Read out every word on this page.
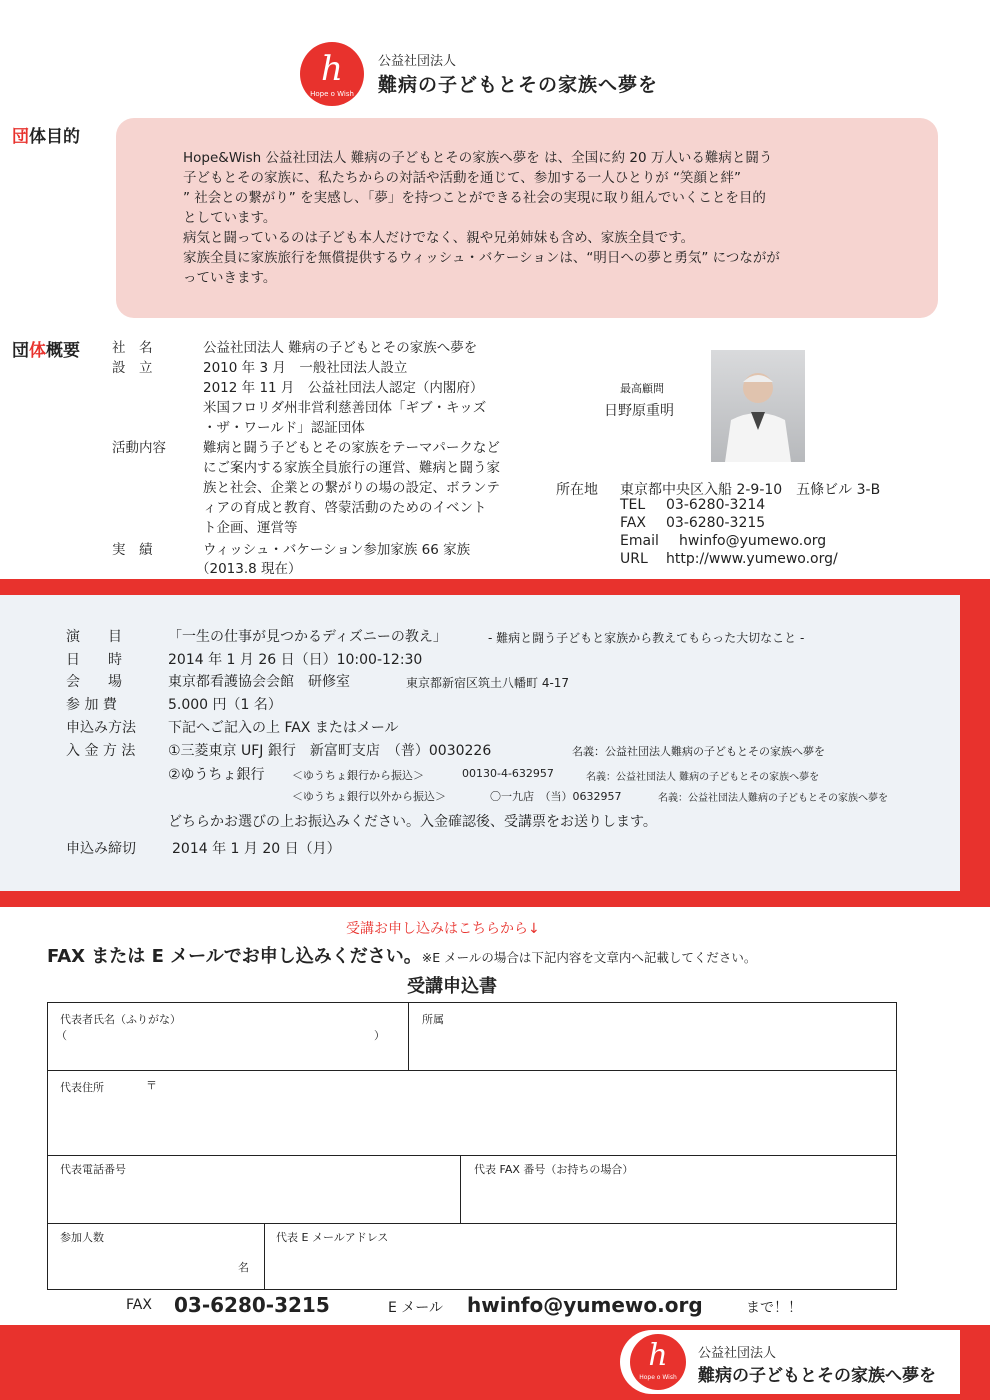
h
Hope o Wish
公益社団法人
難病の子どもとその家族へ夢を
団体目的

Hope&Wish 公益社団法人 難病の子どもとその家族へ夢を は、全国に約 20 万人いる難病と闘う

子どもとその家族に、私たちからの対話や活動を通じて、参加する一人ひとりが “笑顔と絆”

” 社会との繋がり” を実感し、「夢」を持つことができる社会の実現に取り組んでいくことを目的

としています。

病気と闘っているのは子ども本人だけでなく、親や兄弟姉妹も含め、家族全員です。

家族全員に家族旅行を無償提供するウィッシュ・バケーションは、“明日への夢と勇気” につながが

っていきます。

団体概要 社　名	公益社団法人 難病の子どもとその家族へ夢を
設　立	2010 年 3 月　一般社団法人設立
2012 年 11 月　公益社団法人認定（内閣府）
米国フロリダ州非営利慈善団体「ギブ・キッズ
・ザ・ワールド」認証団体
活動内容	難病と闘う子どもとその家族をテーマパークなど
にご案内する家族全員旅行の運営、難病と闘う家
族と社会、企業との繋がりの場の設定、ボランテ
ィアの育成と教育、啓蒙活動のためのイベント
ト企画、運営等
実　績	ウィッシュ・バケーション参加家族 66 家族
（2013.8 現在）
最高顧問
日野原重明
所在地 東京都中央区入船 2-9-10　五條ビル 3-B
TEL 03-6280-3214
FAX 03-6280-3215
Email hwinfo@yumewo.org
URL http://www.yumewo.org/
演　　目	「一生の仕事が見つかるディズニーの教え」	- 難病と闘う子どもと家族から教えてもらった大切なこと -
日　　時	2014 年 1 月 26 日（日）10:00-12:30
会　　場	東京都看護協会会館　研修室	東京都新宿区筑土八幡町 4-17
参 加 費	5.000 円（1 名）
申込み方法 下記へご記入の上 FAX またはメール
入 金 方 法 ①三菱東京 UFJ 銀行　新富町支店　（普）0030226	名義：公益社団法人難病の子どもとその家族へ夢を
②ゆうちょ銀行 ＜ゆうちょ銀行から振込＞	00130-4-632957	名義：公益社団法人 難病の子どもとその家族へ夢を
＜ゆうちょ銀行以外から振込＞	〇一九店　（当）0632957	名義：公益社団法人難病の子どもとその家族へ夢を
どちらかお選びの上お振込みください。入金確認後、受講票をお送りします。
申込み締切	2014 年 1 月 20 日（月）
受講お申し込みはこちらから↓
FAX または E メールでお申し込みください。※E メールの場合は下記内容を文章内へ記載してください。
受講申込書
代表者氏名（ふりがな）
（	）
所属
代表住所	〒
代表電話番号	代表 FAX 番号（お持ちの場合）
参加人数
名
代表 E メールアドレス
FAX 03-6280-3215	E メール hwinfo@yumewo.org	まで！！
h
Hope o Wish
公益社団法人
難病の子どもとその家族へ夢を
